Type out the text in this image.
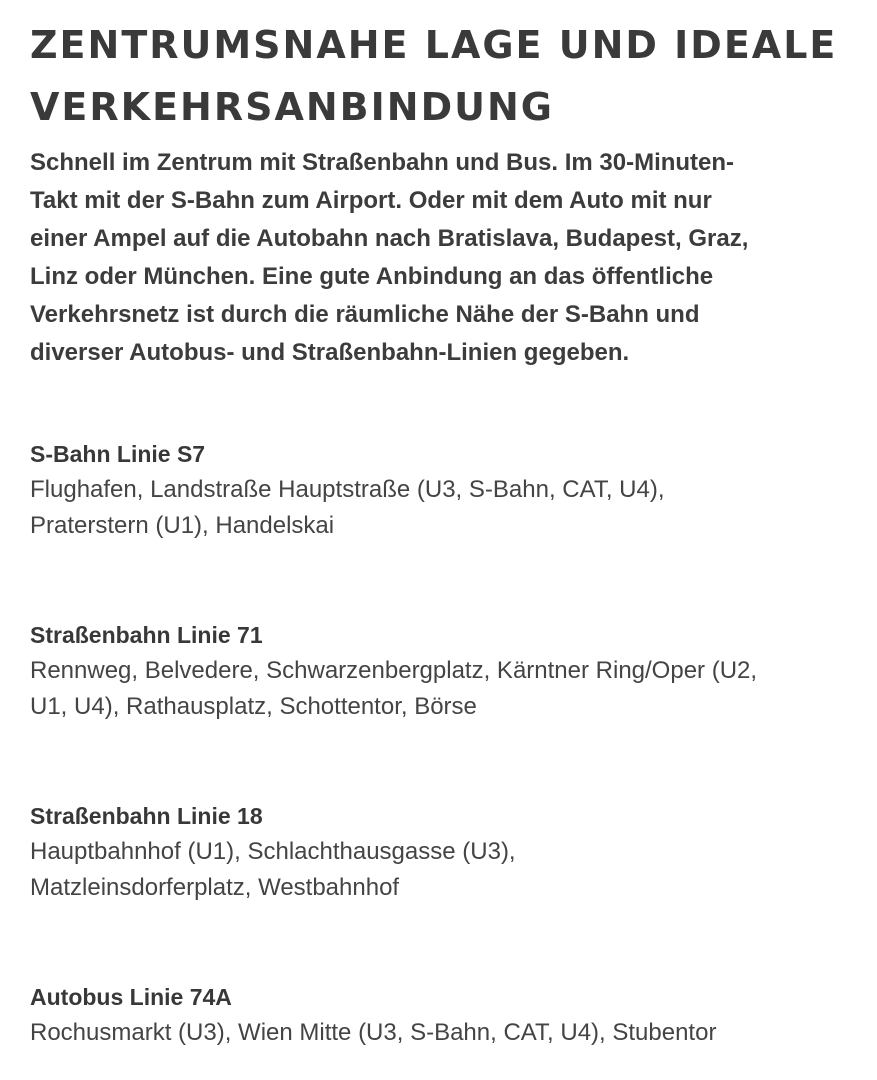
ZENTRUMSNAHE LAGE UND IDEALE
VERKEHRSANBINDUNG

Schnell im Zentrum mit Straßenbahn und Bus. Im 30-Minuten-
Takt mit der S-Bahn zum Airport. Oder mit dem Auto mit nur
einer Ampel auf die Autobahn nach Bratislava, Budapest, Graz,
Linz oder München. Eine gute Anbindung an das öffentliche
Verkehrsnetz ist durch die räumliche Nähe der S-Bahn und
diverser Autobus- und Straßenbahn-Linien gegeben.

S-Bahn Linie S7
Flughafen, Landstraße Hauptstraße (U3, S-Bahn, CAT, U4),
Praterstern (U1), Handelskai
Straßenbahn Linie 71
Rennweg, Belvedere, Schwarzenbergplatz, Kärntner Ring/Oper (U2,
U1, U4), Rathausplatz, Schottentor, Börse
Straßenbahn Linie 18
Hauptbahnhof (U1), Schlachthausgasse (U3),
Matzleinsdorferplatz, Westbahnhof
Autobus Linie 74A
Rochusmarkt (U3), Wien Mitte (U3, S-Bahn, CAT, U4), Stubentor
